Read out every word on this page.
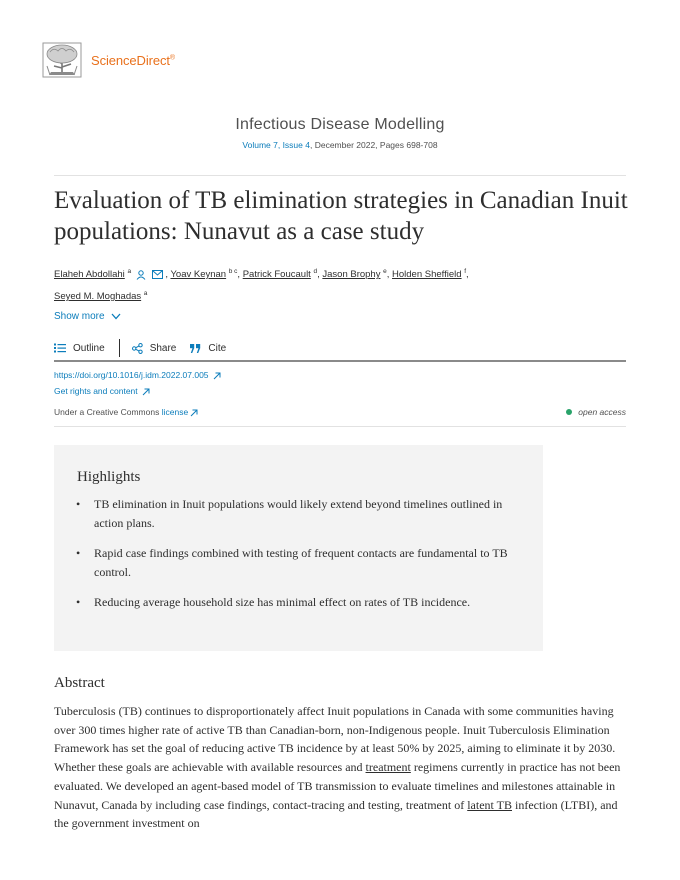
ScienceDirect®
Infectious Disease Modelling
Volume 7, Issue 4, December 2022, Pages 698-708
Evaluation of TB elimination strategies in Canadian Inuit populations: Nunavut as a case study
Elaheh Abdollahi $^a$	, Yoav Keynan $^{b c}$, Patrick Foucault $^d$, Jason Brophy $^e$, Holden Sheffield $^f$,
Seyed M. Moghadas $^a$
Show more
Outline	Share	Cite
https://doi.org/10.1016/j.idm.2022.07.005
Get rights and content
Under a Creative Commons license	open access
Highlights
• TB elimination in Inuit populations would likely extend beyond timelines outlined in action plans.
• Rapid case findings combined with testing of frequent contacts are fundamental to TB control.
• Reducing average household size has minimal effect on rates of TB incidence.
Abstract

Tuberculosis (TB) continues to disproportionately affect Inuit populations in Canada with some communities having over 300 times higher rate of active TB than Canadian-born, non-Indigenous people. Inuit Tuberculosis Elimination Framework has set the goal of reducing active TB incidence by at least 50% by 2025, aiming to eliminate it by 2030. Whether these goals are achievable with available resources and treatment regimens currently in practice has not been evaluated. We developed an agent-based model of TB transmission to evaluate timelines and milestones attainable in Nunavut, Canada by including case findings, contact-tracing and testing, treatment of latent TB infection (LTBI), and the government investment on
